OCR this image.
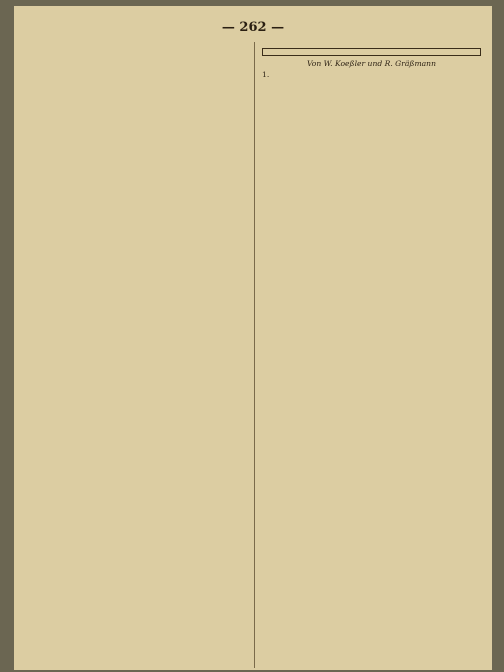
— 262 —

Von W. Koeßler und R. Gräßmann

1.
